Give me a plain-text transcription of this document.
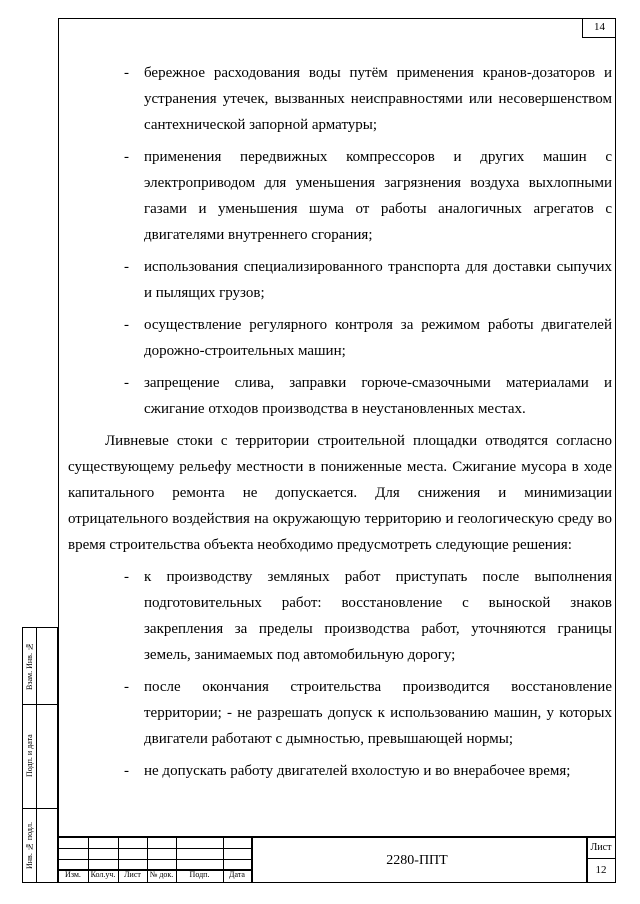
14
- бережное расходования воды путём применения кранов-дозаторов и устранения утечек, вызванных неисправностями или несовершенством сантехнической запорной арматуры;
- применения передвижных компрессоров и других машин с электроприводом для уменьшения загрязнения воздуха выхлопными газами и уменьшения шума от работы аналогичных агрегатов с двигателями внутреннего сгорания;
- использования специализированного транспорта для доставки сыпучих и пылящих грузов;
- осуществление регулярного контроля за режимом работы двигателей дорожно-строительных машин;
- запрещение слива, заправки горюче-смазочными материалами и сжигание отходов производства в неустановленных местах.

Ливневые стоки с территории строительной площадки отводятся согласно существующему рельефу местности в пониженные места. Сжигание мусора в ходе капитального ремонта не допускается. Для снижения и минимизации отрицательного воздействия на окружающую территорию и геологическую среду во время строительства объекта необходимо предусмотреть следующие решения:

- к производству земляных работ приступать после выполнения подготовительных работ: восстановление с выноской знаков закрепления за пределы производства работ, уточняются границы земель, занимаемых под автомобильную дорогу;
- после окончания строительства производится восстановление территории; - не разрешать допуск к использованию машин, у которых двигатели работают с дымностью, превышающей нормы;
- не допускать работу двигателей вхолостую и во внерабочее время;
Взам. Инв. №
Подп. и дата
Инв. № подл.
Изм.	Кол.уч.	Лист	№ док.	Подп.	Дата
2280-ППТ
Лист
12
